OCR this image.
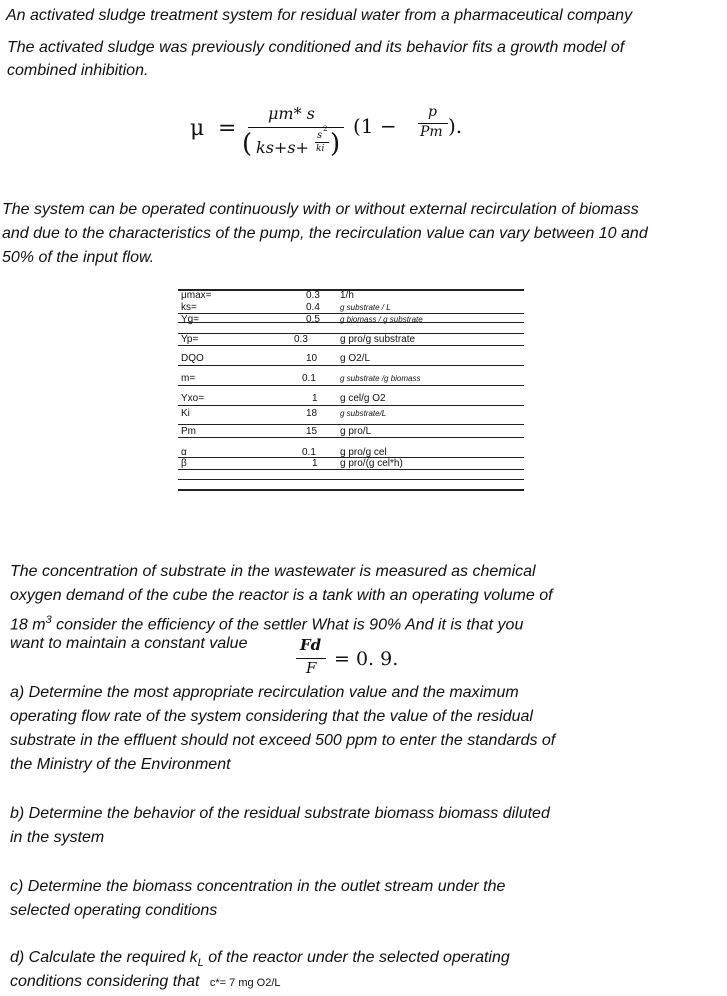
An activated sludge treatment system for residual water from a pharmaceutical company
The activated sludge was previously conditioned and its behavior fits a growth model of
combined inhibition.
μ =
μm* s
( ks+s+
s
2
ki )
(1 −
p
Pm ).
The system can be operated continuously with or without external recirculation of biomass
and due to the characteristics of the pump, the recirculation value can vary between 10 and
50% of the input flow.
μmax=	0.3 1/h
ks=	0.4	g substrate / L
Yg=	0.5	g biomass / g substrate
Yp=	0.3	g pro/g substrate
DQO	10 g O2/L
m=	0.1	g substrate /g biomass
Yxo=	1 g cel/g O2
Ki	18	g substrate/L
Pm	15 g pro/L
α	0.1 g pro/g cel
β	1 g pro/(g cel*h)
The concentration of substrate in the wastewater is measured as chemical
oxygen demand of the cube the reactor is a tank with an operating volume of
18 $m^3$ consider the efficiency of the settler What is 90% And it is that you
want to maintain a constant value	Fd
F = 0. 9.
a) Determine the most appropriate recirculation value and the maximum
operating flow rate of the system considering that the value of the residual
substrate in the effluent should not exceed 500 ppm to enter the standards of
the Ministry of the Environment
b) Determine the behavior of the residual substrate biomass biomass diluted
in the system
c) Determine the biomass concentration in the outlet stream under the
selected operating conditions
d) Calculate the required $k_L$ of the reactor under the selected operating
conditions considering that c*= 7 mg O2/L
